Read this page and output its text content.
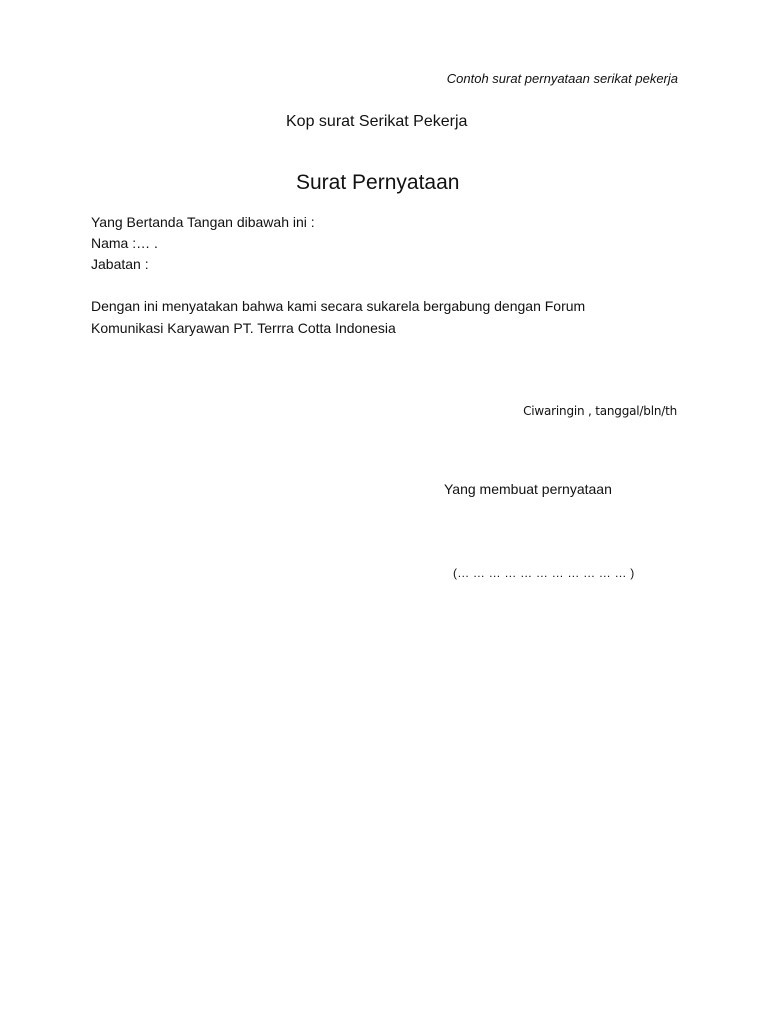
Contoh surat pernyataan serikat pekerja
Kop surat Serikat Pekerja
Surat Pernyataan
Yang Bertanda Tangan dibawah ini :
Nama :… .
Jabatan :
Dengan ini menyatakan bahwa kami secara sukarela bergabung dengan Forum
Komunikasi Karyawan PT. Terrra Cotta Indonesia
Ciwaringin , tanggal/bln/th
Yang membuat pernyataan
(… … … … … … … … … … … )
